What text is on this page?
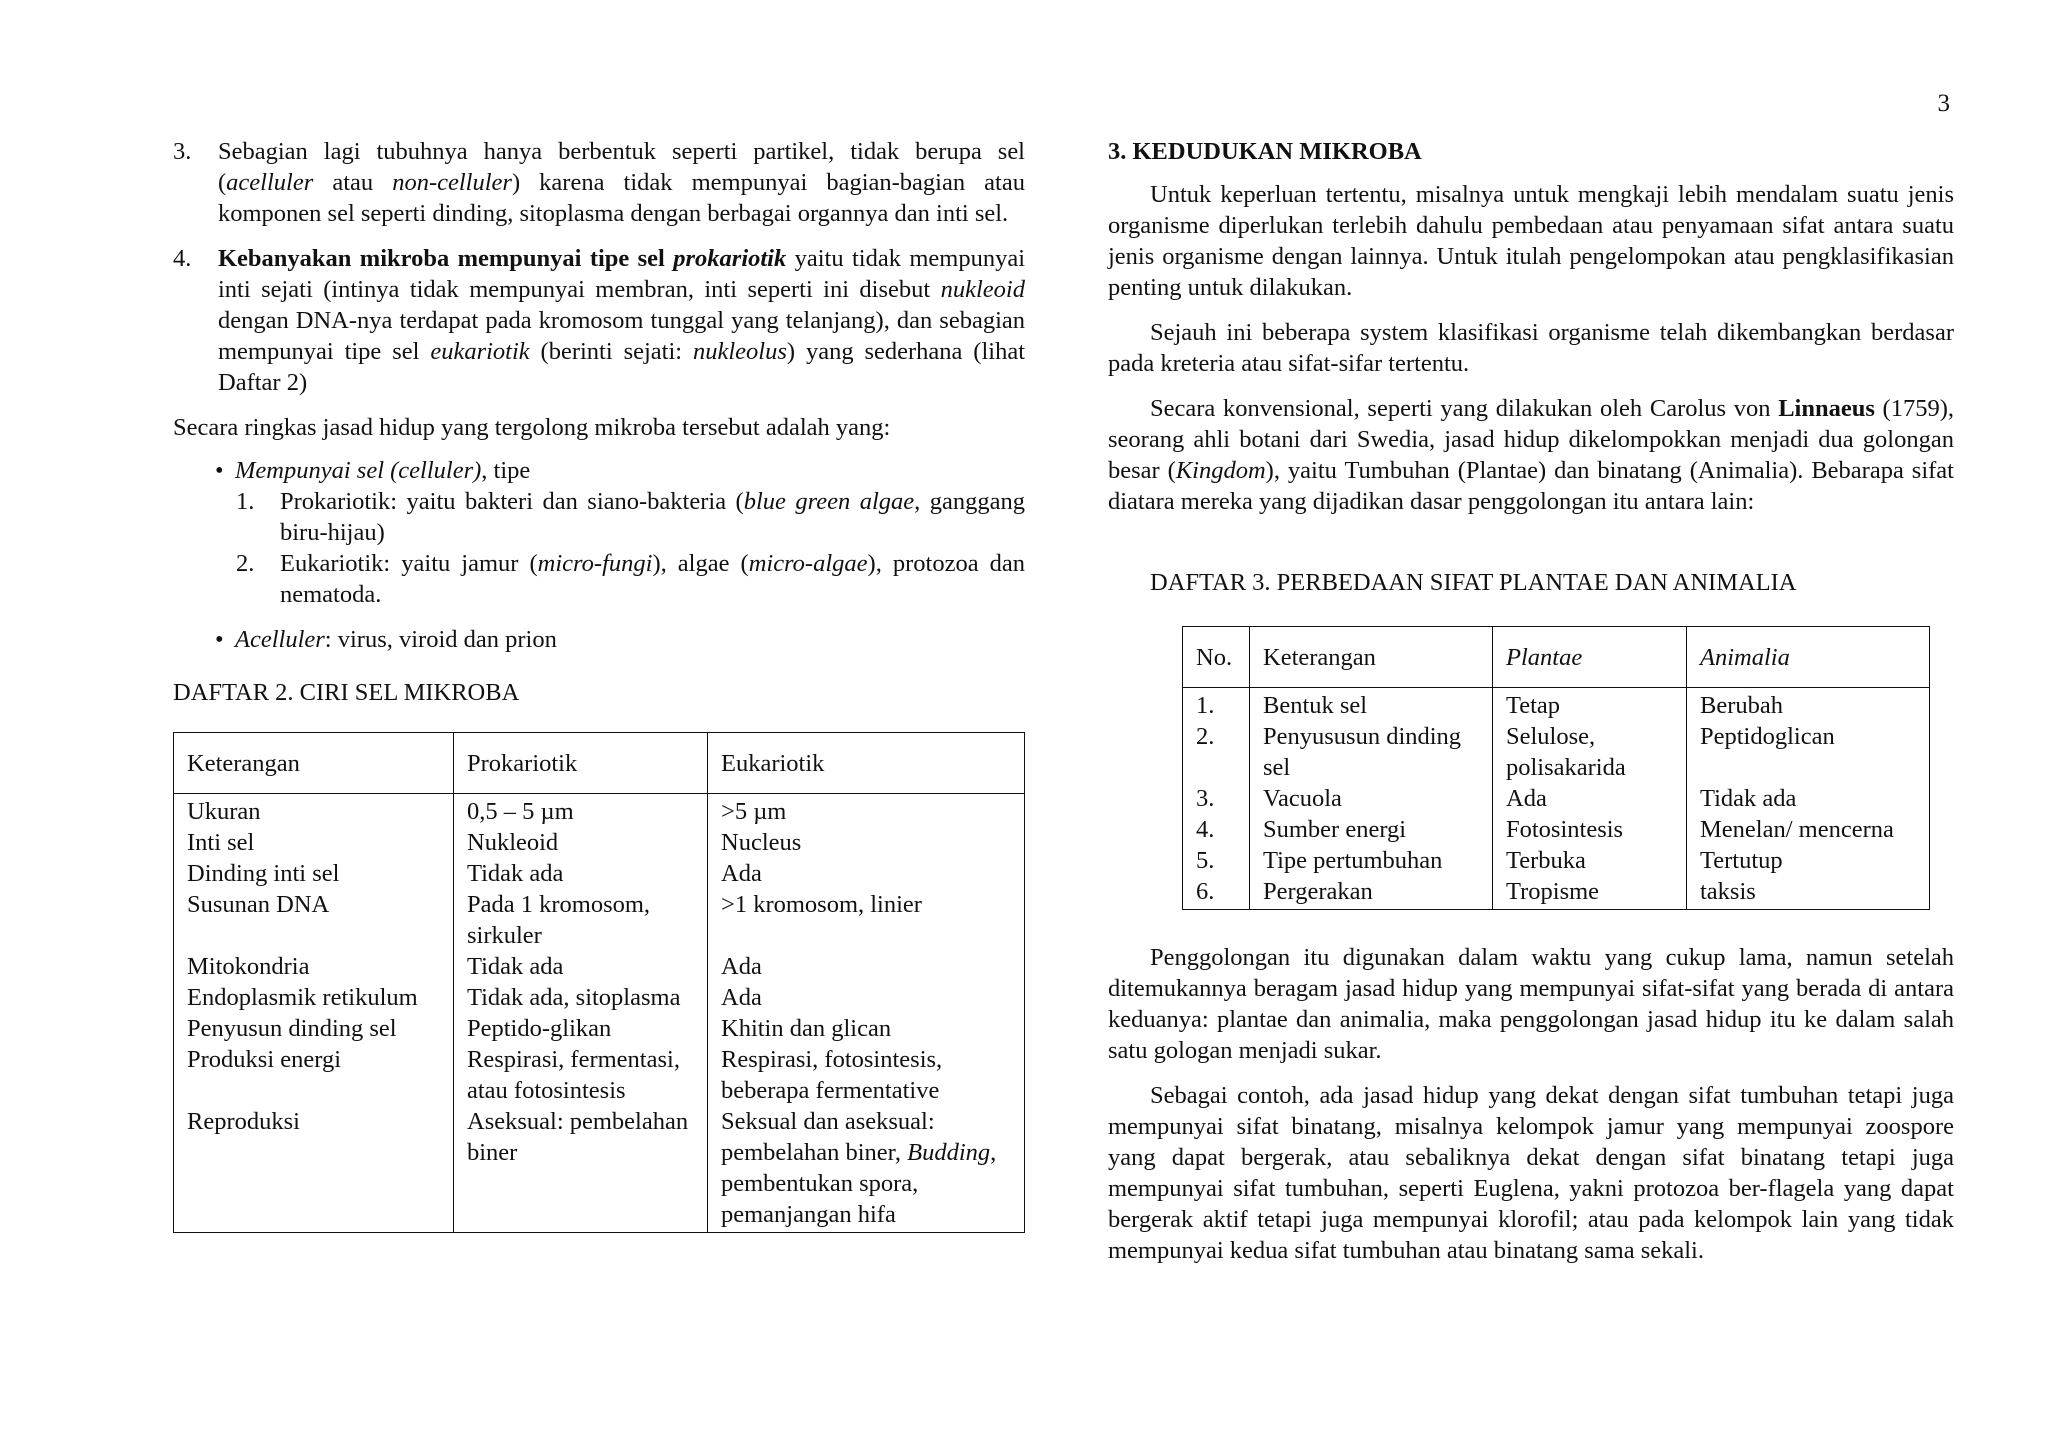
3
3. Sebagian lagi tubuhnya hanya berbentuk seperti partikel, tidak berupa sel (acelluler atau non-celluler) karena tidak mempunyai bagian-bagian atau komponen sel seperti dinding, sitoplasma dengan berbagai organnya dan inti sel.
4. Kebanyakan mikroba mempunyai tipe sel prokariotik yaitu tidak mempunyai inti sejati (intinya tidak mempunyai membran, inti seperti ini disebut nukleoid dengan DNA-nya terdapat pada kromosom tunggal yang telanjang), dan sebagian mempunyai tipe sel eukariotik (berinti sejati: nukleolus) yang sederhana (lihat Daftar 2)

Secara ringkas jasad hidup yang tergolong mikroba tersebut adalah yang:

• Mempunyai sel (celluler), tipe
1. Prokariotik: yaitu bakteri dan siano-bakteria (blue green algae, ganggang biru-hijau)
2. Eukariotik: yaitu jamur (micro-fungi), algae (micro-algae), protozoa dan nematoda.
• Acelluler: virus, viroid dan prion

DAFTAR 2. CIRI SEL MIKROBA

Keterangan	Prokariotik	Eukariotik
Ukuran	0,5 – 5 µm	>5 µm
Inti sel	Nukleoid	Nucleus
Dinding inti sel	Tidak ada	Ada
Susunan DNA	Pada 1 kromosom, sirkuler	>1 kromosom, linier
Mitokondria	Tidak ada	Ada
Endoplasmik retikulum	Tidak ada, sitoplasma	Ada
Penyusun dinding sel	Peptido-glikan	Khitin dan glican
Produksi energi	Respirasi, fermentasi, atau fotosintesis	Respirasi, fotosintesis, beberapa fermentative
Reproduksi	Aseksual: pembelahan biner	Seksual dan aseksual: pembelahan biner, Budding, pembentukan spora, pemanjangan hifa

3. KEDUDUKAN MIKROBA

Untuk keperluan tertentu, misalnya untuk mengkaji lebih mendalam suatu jenis organisme diperlukan terlebih dahulu pembedaan atau penyamaan sifat antara suatu jenis organisme dengan lainnya. Untuk itulah pengelompokan atau pengklasifikasian penting untuk dilakukan.

Sejauh ini beberapa system klasifikasi organisme telah dikembangkan berdasar pada kreteria atau sifat-sifar tertentu.

Secara konvensional, seperti yang dilakukan oleh Carolus von Linnaeus (1759), seorang ahli botani dari Swedia, jasad hidup dikelompokkan menjadi dua golongan besar (Kingdom), yaitu Tumbuhan (Plantae) dan binatang (Animalia). Bebarapa sifat diatara mereka yang dijadikan dasar penggolongan itu antara lain:

DAFTAR 3. PERBEDAAN SIFAT PLANTAE DAN ANIMALIA

No.	Keterangan	Plantae	Animalia
1.	Bentuk sel	Tetap	Berubah
2.	Penyususun dinding sel	Selulose, polisakarida	Peptidoglican
3.	Vacuola	Ada	Tidak ada
4.	Sumber energi	Fotosintesis	Menelan/ mencerna
5.	Tipe pertumbuhan	Terbuka	Tertutup
6.	Pergerakan	Tropisme	taksis

Penggolongan itu digunakan dalam waktu yang cukup lama, namun setelah ditemukannya beragam jasad hidup yang mempunyai sifat-sifat yang berada di antara keduanya: plantae dan animalia, maka penggolongan jasad hidup itu ke dalam salah satu gologan menjadi sukar.

Sebagai contoh, ada jasad hidup yang dekat dengan sifat tumbuhan tetapi juga mempunyai sifat binatang, misalnya kelompok jamur yang mempunyai zoospore yang dapat bergerak, atau sebaliknya dekat dengan sifat binatang tetapi juga mempunyai sifat tumbuhan, seperti Euglena, yakni protozoa ber-flagela yang dapat bergerak aktif tetapi juga mempunyai klorofil; atau pada kelompok lain yang tidak mempunyai kedua sifat tumbuhan atau binatang sama sekali.
